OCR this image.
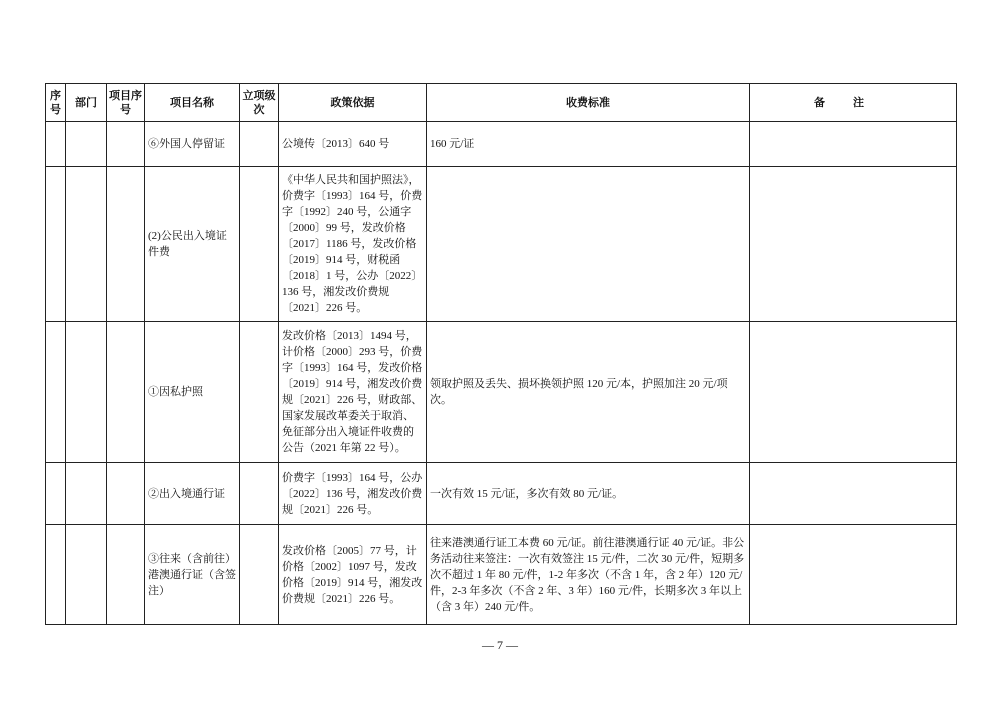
序号	部门	项目序号	项目名称	立项级次	政策依据	收费标准	备注
			⑥外国人停留证		公境传〔2013〕640 号	160 元/证	
			(2)公民出入境证件费		《中华人民共和国护照法》，价费字〔1993〕164 号，价费字〔1992〕240 号，公通字〔2000〕99 号，发改价格〔2017〕1186 号，发改价格〔2019〕914 号，财税函〔2018〕1 号，公办〔2022〕136 号，湘发改价费规〔2021〕226 号。		
			①因私护照		发改价格〔2013〕1494 号，计价格〔2000〕293 号，价费字〔1993〕164 号，发改价格〔2019〕914 号，湘发改价费规〔2021〕226 号，财政部、国家发展改革委关于取消、免征部分出入境证件收费的公告（2021 年第 22 号）。	领取护照及丢失、损坏换领护照 120 元/本，护照加注 20 元/项次。	
			②出入境通行证		价费字〔1993〕164 号，公办〔2022〕136 号，湘发改价费规〔2021〕226 号。	一次有效 15 元/证，多次有效 80 元/证。	
			③往来（含前往）港澳通行证（含签注）		发改价格〔2005〕77 号，计价格〔2002〕1097 号，发改价格〔2019〕914 号，湘发改价费规〔2021〕226 号。	往来港澳通行证工本费 60 元/证。前往港澳通行证 40 元/证。非公务活动往来签注：一次有效签注 15 元/件，二次 30 元/件，短期多次不超过 1 年 80 元/件，1-2 年多次（不含 1 年，含 2 年）120 元/件，2-3 年多次（不含 2 年、3 年）160 元/件，长期多次 3 年以上（含 3 年）240 元/件。	
— 7 —
